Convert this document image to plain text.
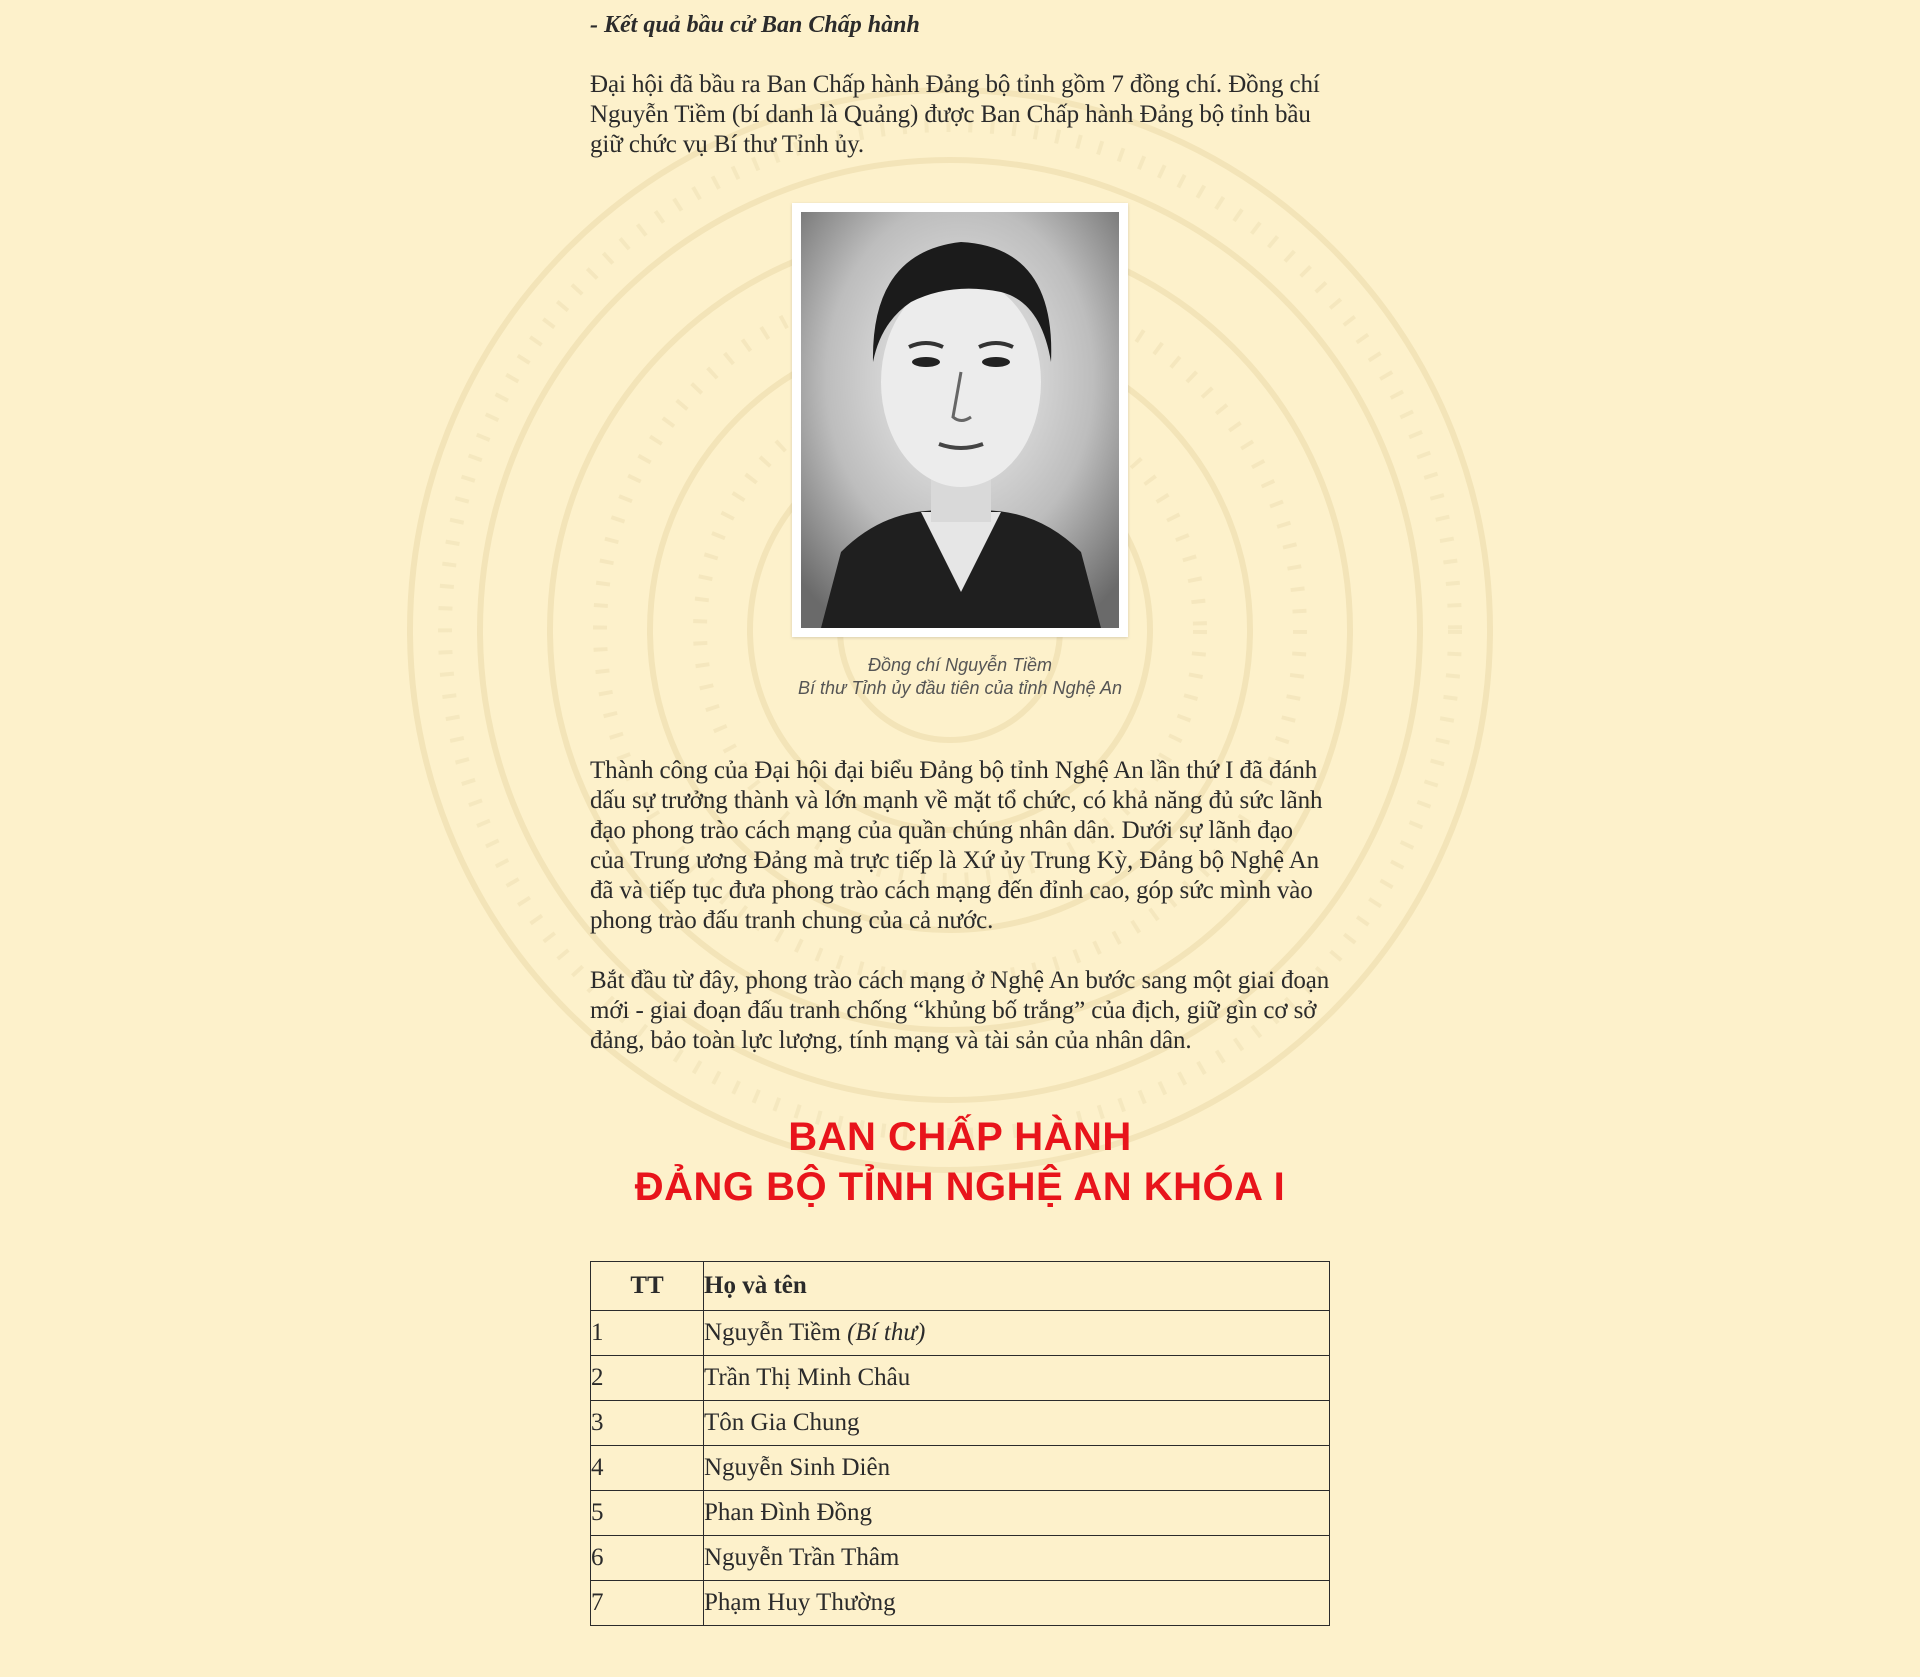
- Kết quả bầu cử Ban Chấp hành

Đại hội đã bầu ra Ban Chấp hành Đảng bộ tỉnh gồm 7 đồng chí. Đồng chí Nguyễn Tiềm (bí danh là Quảng) được Ban Chấp hành Đảng bộ tỉnh bầu giữ chức vụ Bí thư Tỉnh ủy.

Đồng chí Nguyễn Tiềm
Bí thư Tỉnh ủy đầu tiên của tỉnh Nghệ An

Thành công của Đại hội đại biểu Đảng bộ tỉnh Nghệ An lần thứ I đã đánh dấu sự trưởng thành và lớn mạnh về mặt tổ chức, có khả năng đủ sức lãnh đạo phong trào cách mạng của quần chúng nhân dân. Dưới sự lãnh đạo của Trung ương Đảng mà trực tiếp là Xứ ủy Trung Kỳ, Đảng bộ Nghệ An đã và tiếp tục đưa phong trào cách mạng đến đỉnh cao, góp sức mình vào phong trào đấu tranh chung của cả nước.

Bắt đầu từ đây, phong trào cách mạng ở Nghệ An bước sang một giai đoạn mới - giai đoạn đấu tranh chống “khủng bố trắng” của địch, giữ gìn cơ sở đảng, bảo toàn lực lượng, tính mạng và tài sản của nhân dân.

BAN CHẤP HÀNH
ĐẢNG BỘ TỈNH NGHỆ AN KHÓA I
TT	Họ và tên
1	Nguyễn Tiềm (Bí thư)
2	Trần Thị Minh Châu
3	Tôn Gia Chung
4	Nguyễn Sinh Diên
5	Phan Đình Đồng
6	Nguyễn Trần Thâm
7	Phạm Huy Thường
